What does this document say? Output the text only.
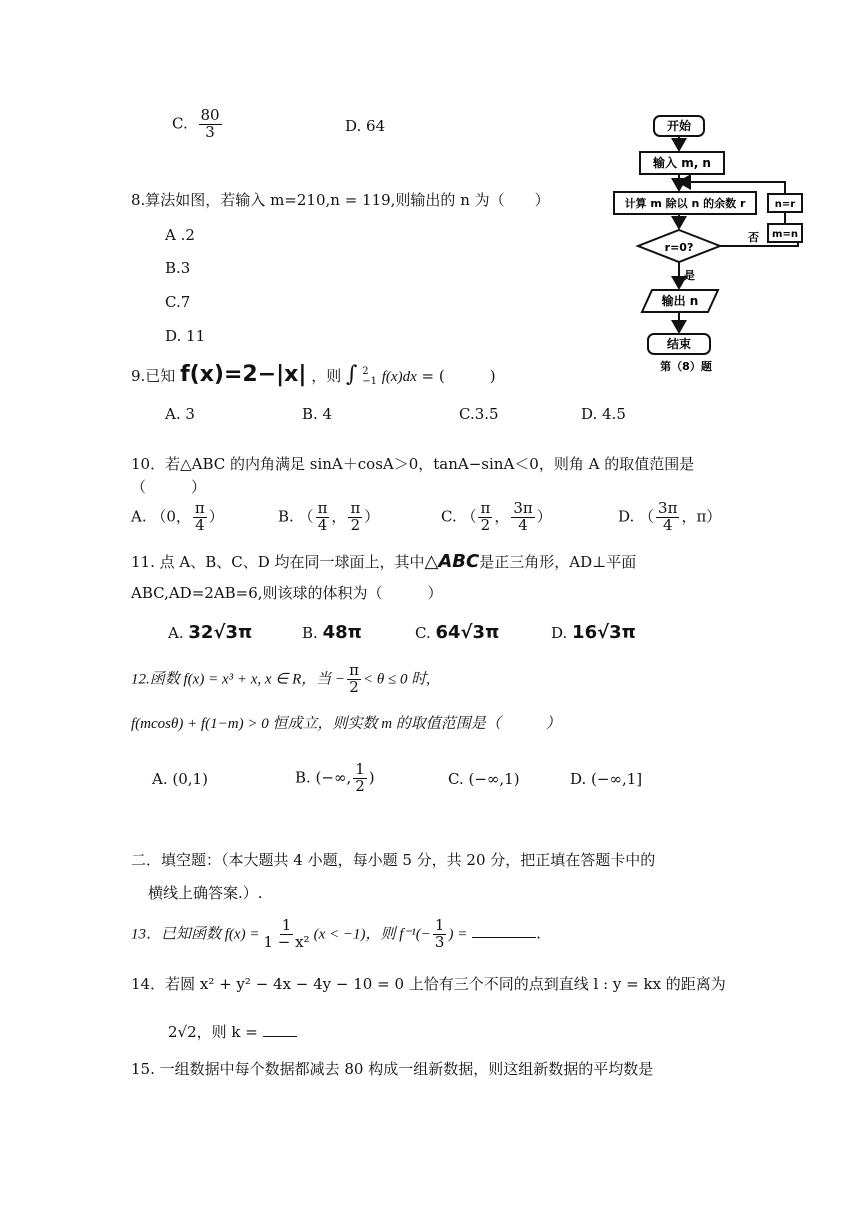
C. $\frac{80}{3}$	D. 64
8.算法如图，若输入 m=210,n = 119,则输出的 n 为（　　）
A .2
B.3
C.7
D. 11
开始
输入 m, n
计算 m 除以 n 的余数 r
r=0?
否 m=n
n=r
是
输出 n
结束
第（8）题
9.已知 f(x)=2−|x| ，则 ∫ 2
−1 f(x)dx = (　　　)
A. 3	B. 4	C.3.5	D. 4.5
10．若△ABC 的内角满足 sinA＋cosA＞0，tanA−sinA＜0，则角 A 的取值范围是
（　　　）
A. （0， $\frac{\pi}{4}$ ）	B. （ $\frac{\pi}{4}$ ， $\frac{\pi}{2}$ ）	C. （ $\frac{\pi}{2}$ ， $\frac{3\pi}{4}$ ）	D. （ $\frac{3\pi}{4}$ ，π）
11. 点 A、B、C、D 均在同一球面上，其中△ABC是正三角形，AD⊥平面
ABC,AD=2AB=6,则该球的体积为（　　　）
A. 32√3π	B. 48π	C. 64√3π	D. 16√3π
12.函数 f(x) = x³ + x, x ∈ R，当 − $\frac{\pi}{2} < \theta \le 0$ 时,
f(mcosθ) + f(1−m) > 0 恒成立，则实数 m 的取值范围是（　　　）
A. (0,1)	B. (−∞, $\frac{1}{2}$ )	C. (−∞,1)	D. (−∞,1]
二．填空题：（本大题共 4 小题，每小题 5 分，共 20 分，把正填在答题卡中的
横线上确答案.）.
13．已知函数 $f(x) = \frac{1}{\text{1 − x²}} (x < -1)$，则 $f^{-1}(- \frac{1}{3}$ ) =	.
14．若圆 x² + y² − 4x − 4y − 10 = 0 上恰有三个不同的点到直线 l : y = kx 的距离为
2√2，则 k =
15. 一组数据中每个数据都减去 80 构成一组新数据，则这组新数据的平均数是
